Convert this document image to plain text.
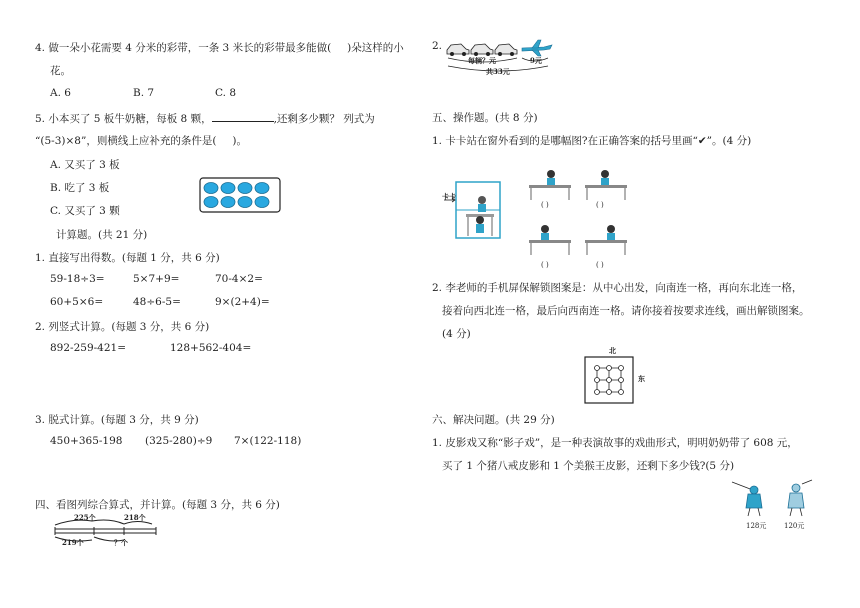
4. 做一朵小花需要 4 分米的彩带，一条 3 米长的彩带最多能做( )朵这样的小
花。
A. 6	B. 7	C. 8
5. 小本买了 5 板牛奶糖，每板 8 颗，	,还剩多少颗？ 列式为
“(5-3)×8”，则横线上应补充的条件是( )。
A. 又买了 3 板
B. 吃了 3 板
C. 又买了 3 颗
计算题。(共 21 分)
1. 直接写出得数。(每题 1 分，共 6 分)
59-18÷3=	5×7+9=	70-4×2=
60+5×6=	48÷6-5=	9×(2+4)=
2. 列竖式计算。(每题 3 分，共 6 分)
892-259-421=	128+562-404=
3. 脱式计算。(每题 3 分，共 9 分)
450+365-198 (325-280)÷9 7×(122-118)
四、看图列综合算式，并计算。(每题 3 分，共 6 分)
225个	218个
219个	？个
2.
每辆？元	9元
共33元
五、操作题。(共 8 分)
1. 卡卡站在窗外看到的是哪幅图?在正确答案的括号里画“✔”。(4 分)
卡卡
( )	( )
( )	( )
2. 李老师的手机屏保解锁图案是：从中心出发，向南连一格，再向东北连一格，
接着向西北连一格，最后向西南连一格。请你接着按要求连线，画出解锁图案。
(4 分)
北
东
六、解决问题。(共 29 分)
1. 皮影戏又称“影子戏”，是一种表演故事的戏曲形式，明明奶奶带了 608 元，
买了 1 个猪八戒皮影和 1 个美猴王皮影，还剩下多少钱?(5 分)
128元	120元
